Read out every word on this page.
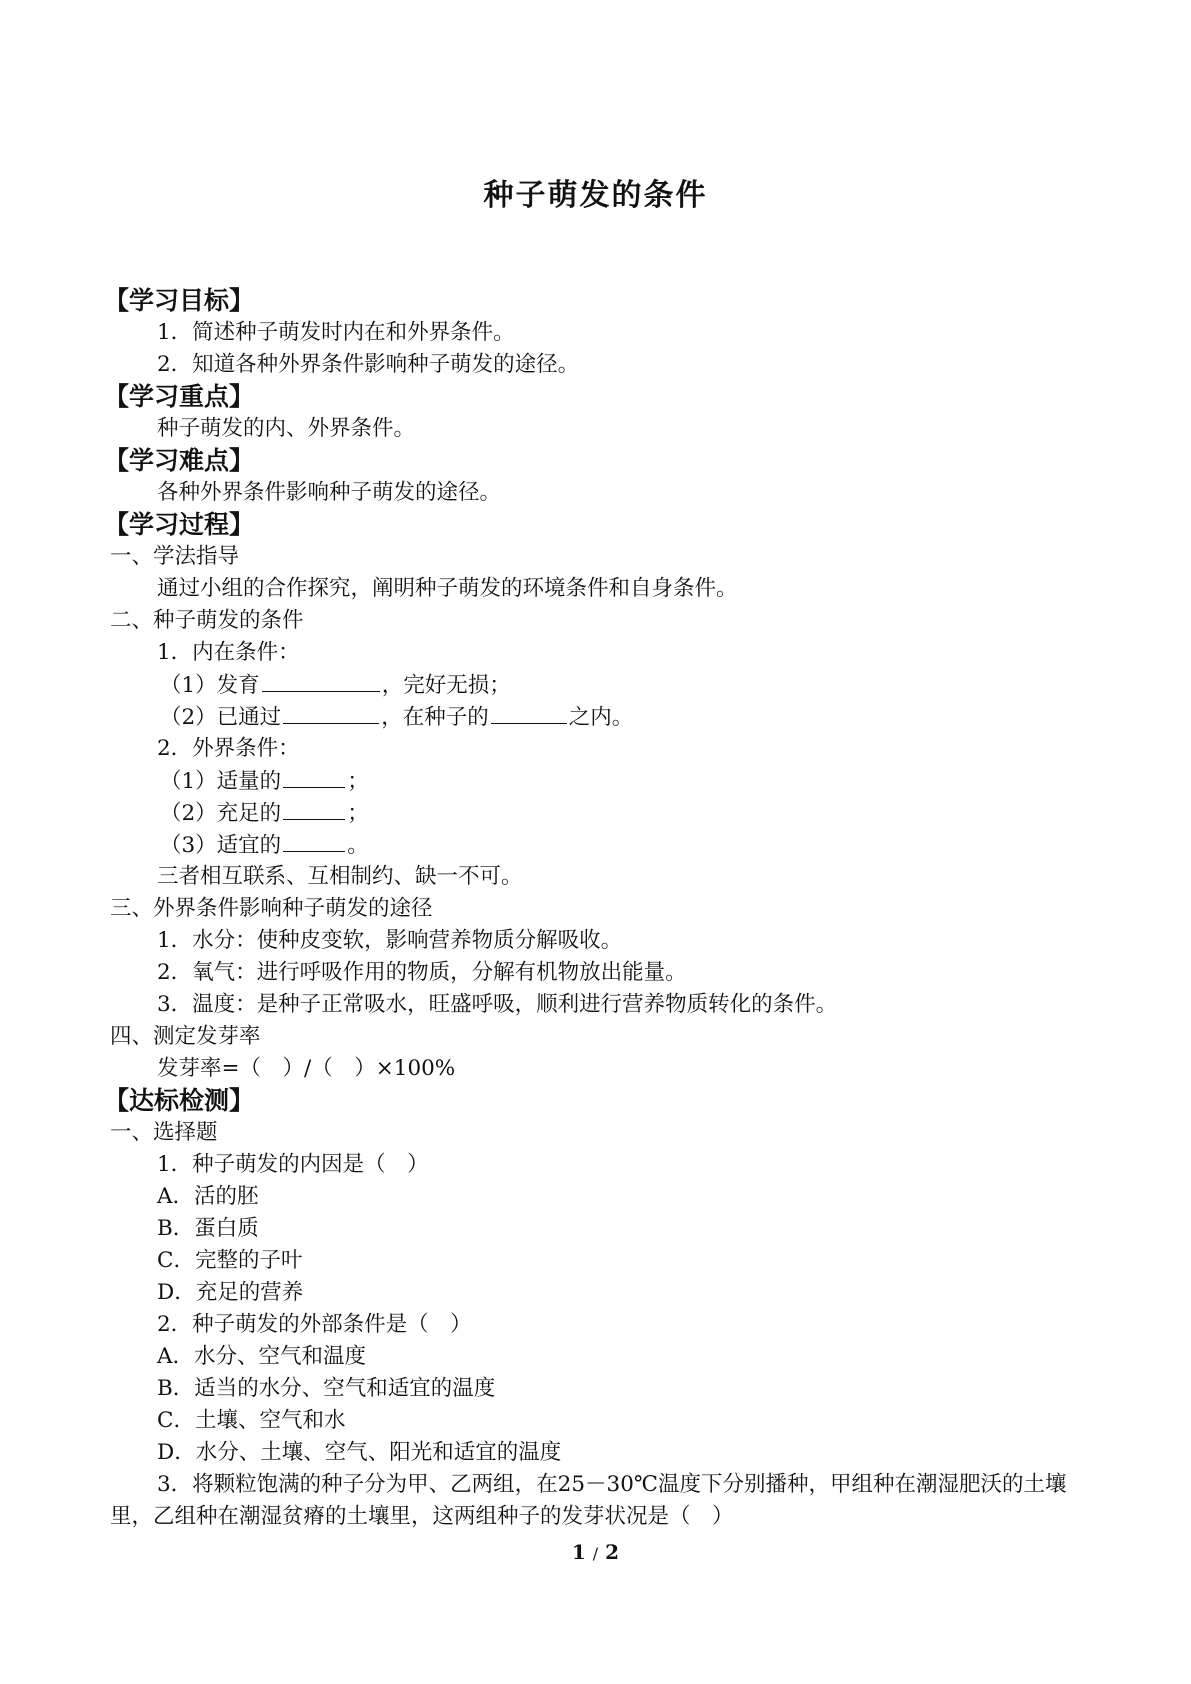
种子萌发的条件
【学习目标】
1．简述种子萌发时内在和外界条件。
2．知道各种外界条件影响种子萌发的途径。
【学习重点】
种子萌发的内、外界条件。
【学习难点】
各种外界条件影响种子萌发的途径。
【学习过程】
一、学法指导
通过小组的合作探究，阐明种子萌发的环境条件和自身条件。
二、种子萌发的条件
1．内在条件：
（1）发育	，完好无损；
（2）已通过	，在种子的	之内。
2．外界条件：
（1）适量的	；
（2）充足的	；
（3）适宜的	。
三者相互联系、互相制约、缺一不可。
三、外界条件影响种子萌发的途径
1．水分：使种皮变软，影响营养物质分解吸收。
2．氧气：进行呼吸作用的物质，分解有机物放出能量。
3．温度：是种子正常吸水，旺盛呼吸，顺利进行营养物质转化的条件。
四、测定发芽率
发芽率=（　）/（　）×100%
【达标检测】
一、选择题
1．种子萌发的内因是（　）
A．活的胚
B．蛋白质
C．完整的子叶
D．充足的营养
2．种子萌发的外部条件是（　）
A．水分、空气和温度
B．适当的水分、空气和适宜的温度
C．土壤、空气和水
D．水分、土壤、空气、阳光和适宜的温度
3．将颗粒饱满的种子分为甲、乙两组，在25－30℃温度下分别播种，甲组种在潮湿肥沃的土壤里，乙组种在潮湿贫瘠的土壤里，这两组种子的发芽状况是（　）
1 / 2
